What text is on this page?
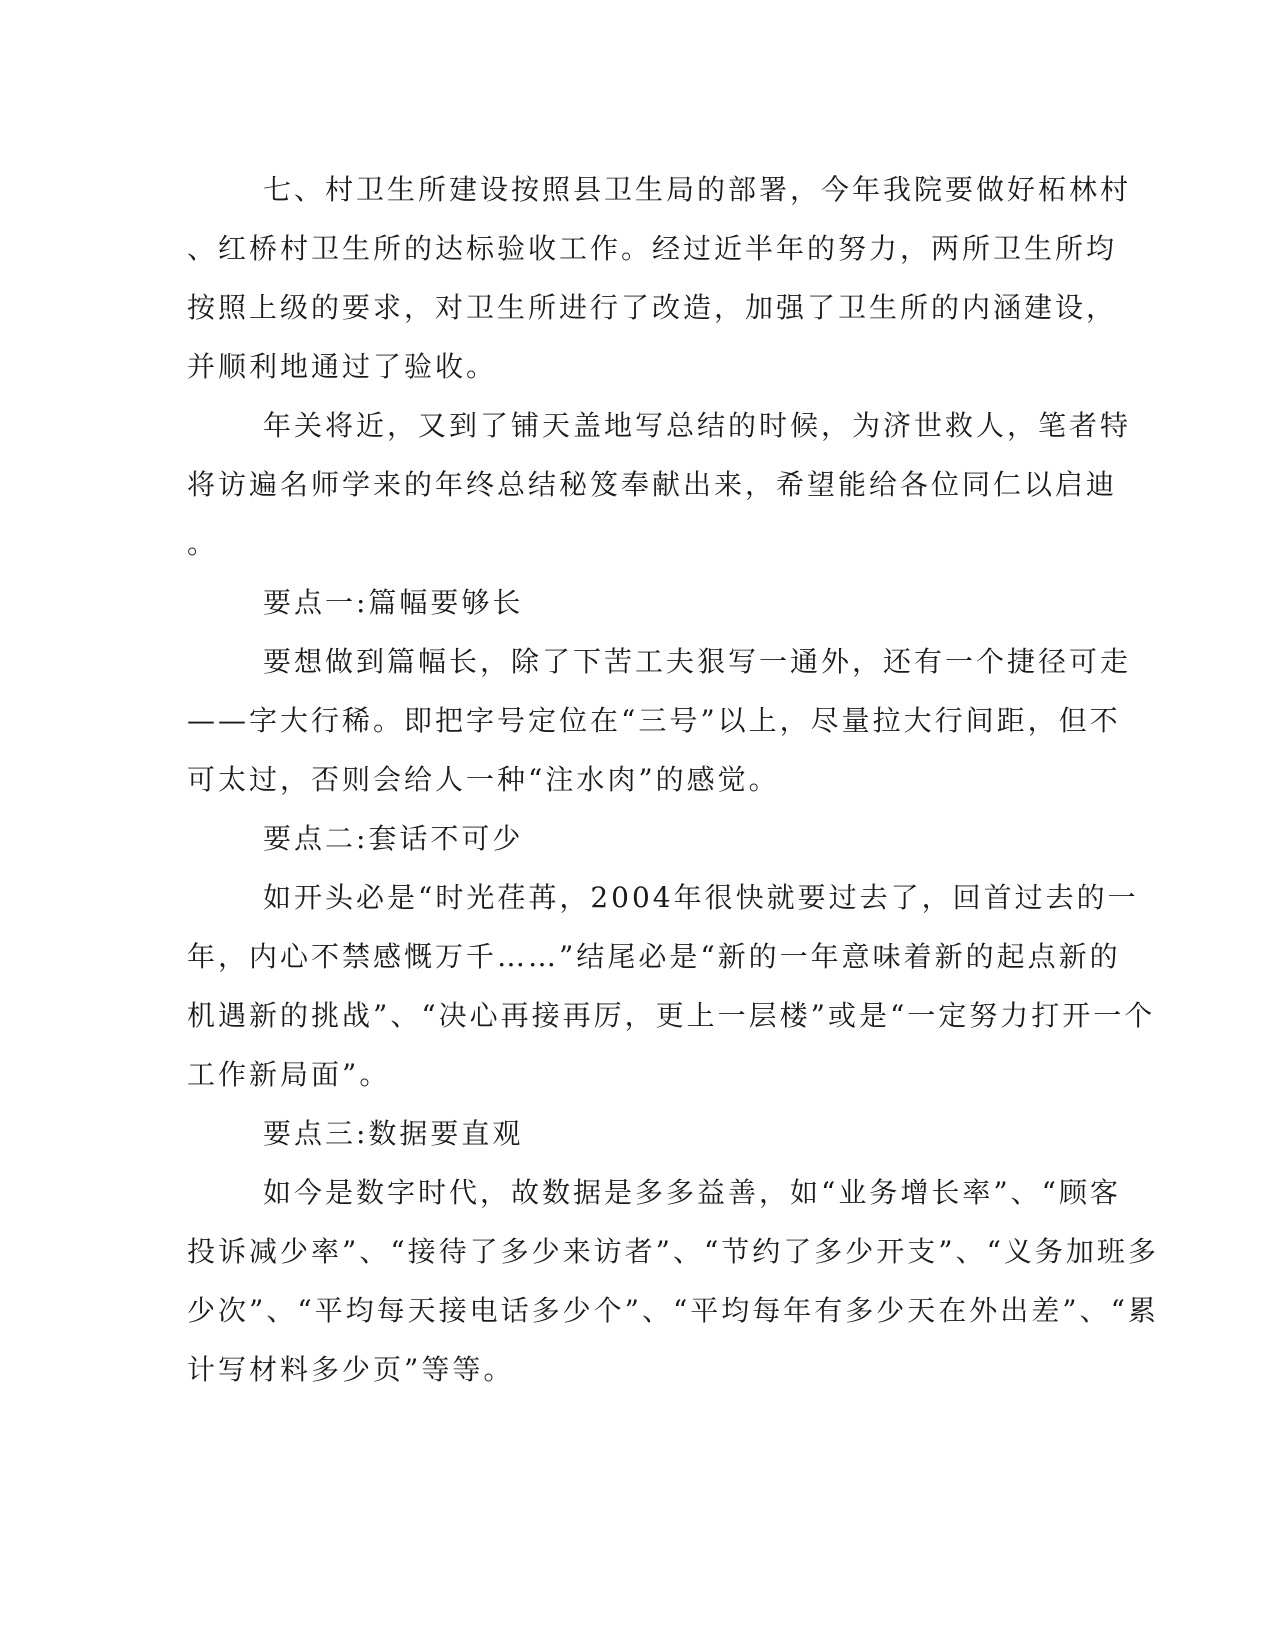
七、村卫生所建设按照县卫生局的部署，今年我院要做好柘林村
、红桥村卫生所的达标验收工作。经过近半年的努力，两所卫生所均
按照上级的要求，对卫生所进行了改造，加强了卫生所的内涵建设，
并顺利地通过了验收。
年关将近，又到了铺天盖地写总结的时候，为济世救人，笔者特
将访遍名师学来的年终总结秘笈奉献出来，希望能给各位同仁以启迪
。
要点一:篇幅要够长
要想做到篇幅长，除了下苦工夫狠写一通外，还有一个捷径可走
——字大行稀。即把字号定位在“三号”以上，尽量拉大行间距，但不
可太过，否则会给人一种“注水肉”的感觉。
要点二:套话不可少
如开头必是“时光荏苒，2004年很快就要过去了，回首过去的一
年，内心不禁感慨万千……”结尾必是“新的一年意味着新的起点新的
机遇新的挑战”、“决心再接再厉，更上一层楼”或是“一定努力打开一个
工作新局面”。
要点三:数据要直观
如今是数字时代，故数据是多多益善，如“业务增长率”、“顾客
投诉减少率”、“接待了多少来访者”、“节约了多少开支”、“义务加班多
少次”、“平均每天接电话多少个”、“平均每年有多少天在外出差”、“累
计写材料多少页”等等。
